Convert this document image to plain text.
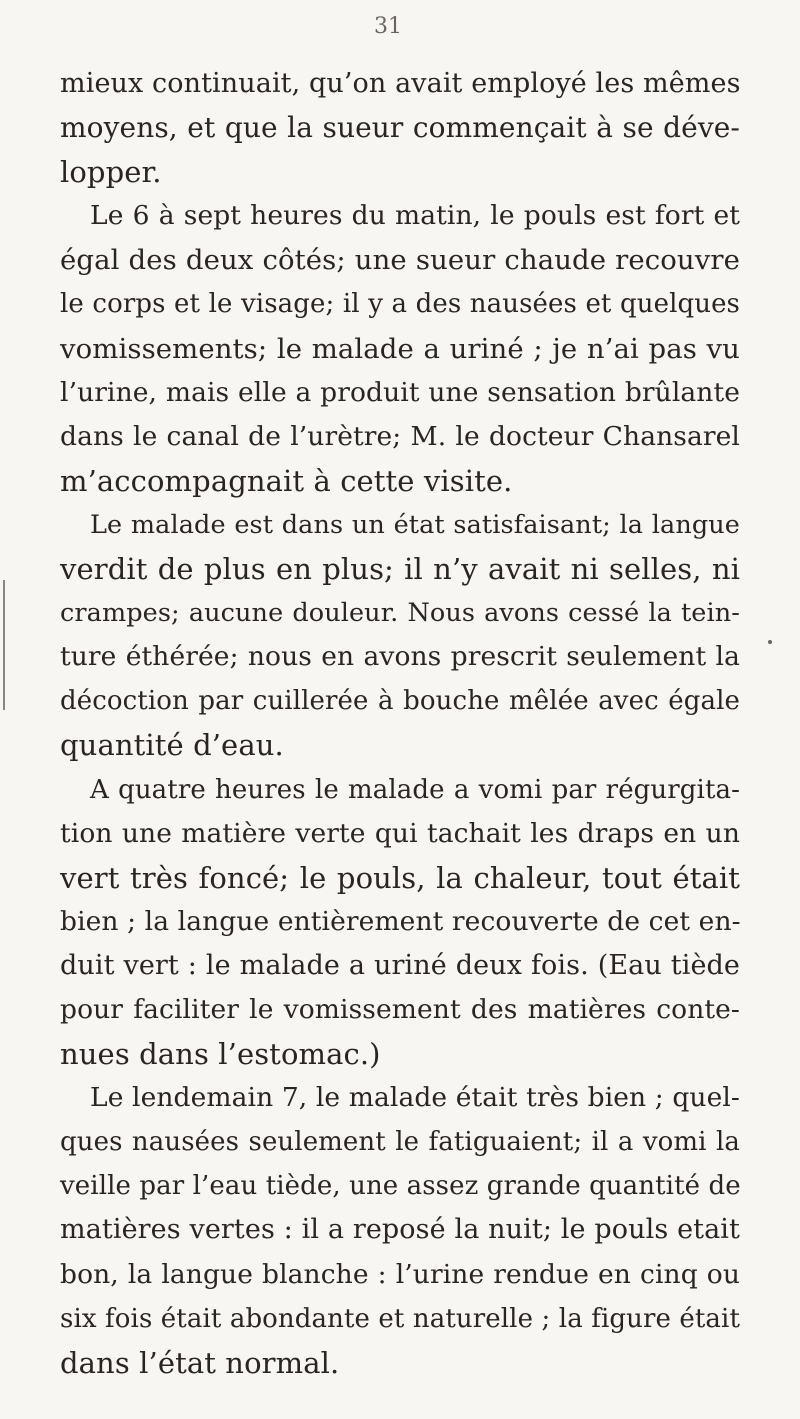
31
mieux continuait, qu’on avait employé les mêmes
moyens, et que la sueur commençait à se déve-
lopper.
Le 6 à sept heures du matin, le pouls est fort et
égal des deux côtés; une sueur chaude recouvre
le corps et le visage; il y a des nausées et quelques
vomissements; le malade a uriné ; je n’ai pas vu
l’urine, mais elle a produit une sensation brûlante
dans le canal de l’urètre; M. le docteur Chansarel
m’accompagnait à cette visite.
Le malade est dans un état satisfaisant; la langue
verdit de plus en plus; il n’y avait ni selles, ni
crampes; aucune douleur. Nous avons cessé la tein-
ture éthérée; nous en avons prescrit seulement la
décoction par cuillerée à bouche mêlée avec égale
quantité d’eau.
A quatre heures le malade a vomi par régurgita-
tion une matière verte qui tachait les draps en un
vert très foncé; le pouls, la chaleur, tout était
bien ; la langue entièrement recouverte de cet en-
duit vert : le malade a uriné deux fois. (Eau tiède
pour faciliter le vomissement des matières conte-
nues dans l’estomac.)
Le lendemain 7, le malade était très bien ; quel-
ques nausées seulement le fatiguaient; il a vomi la
veille par l’eau tiède, une assez grande quantité de
matières vertes : il a reposé la nuit; le pouls etait
bon, la langue blanche : l’urine rendue en cinq ou
six fois était abondante et naturelle ; la figure était
dans l’état normal.
